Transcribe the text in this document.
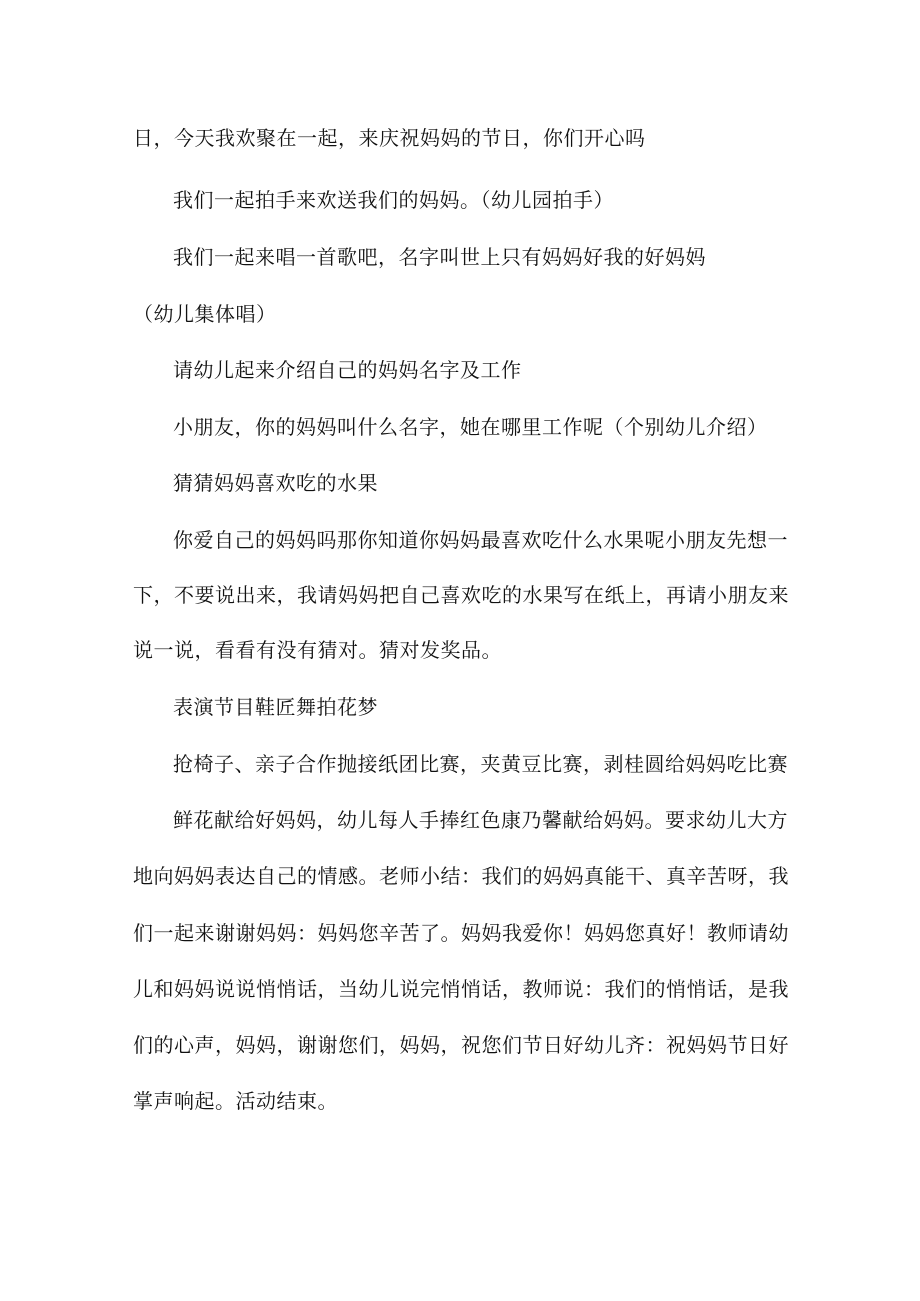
日，今天我欢聚在一起，来庆祝妈妈的节日，你们开心吗
我们一起拍手来欢送我们的妈妈。（幼儿园拍手）
我们一起来唱一首歌吧，名字叫世上只有妈妈好我的好妈妈
（幼儿集体唱）
请幼儿起来介绍自己的妈妈名字及工作
小朋友，你的妈妈叫什么名字，她在哪里工作呢（个别幼儿介绍）
猜猜妈妈喜欢吃的水果
你爱自己的妈妈吗那你知道你妈妈最喜欢吃什么水果呢小朋友先想一
下，不要说出来，我请妈妈把自己喜欢吃的水果写在纸上，再请小朋友来
说一说，看看有没有猜对。猜对发奖品。
表演节目鞋匠舞拍花梦
抢椅子、亲子合作抛接纸团比赛，夹黄豆比赛，剥桂圆给妈妈吃比赛
鲜花献给好妈妈，幼儿每人手捧红色康乃馨献给妈妈。要求幼儿大方
地向妈妈表达自己的情感。老师小结：我们的妈妈真能干、真辛苦呀，我
们一起来谢谢妈妈：妈妈您辛苦了。妈妈我爱你！妈妈您真好！教师请幼
儿和妈妈说说悄悄话，当幼儿说完悄悄话，教师说：我们的悄悄话，是我
们的心声，妈妈，谢谢您们，妈妈，祝您们节日好幼儿齐：祝妈妈节日好
掌声响起。活动结束。
